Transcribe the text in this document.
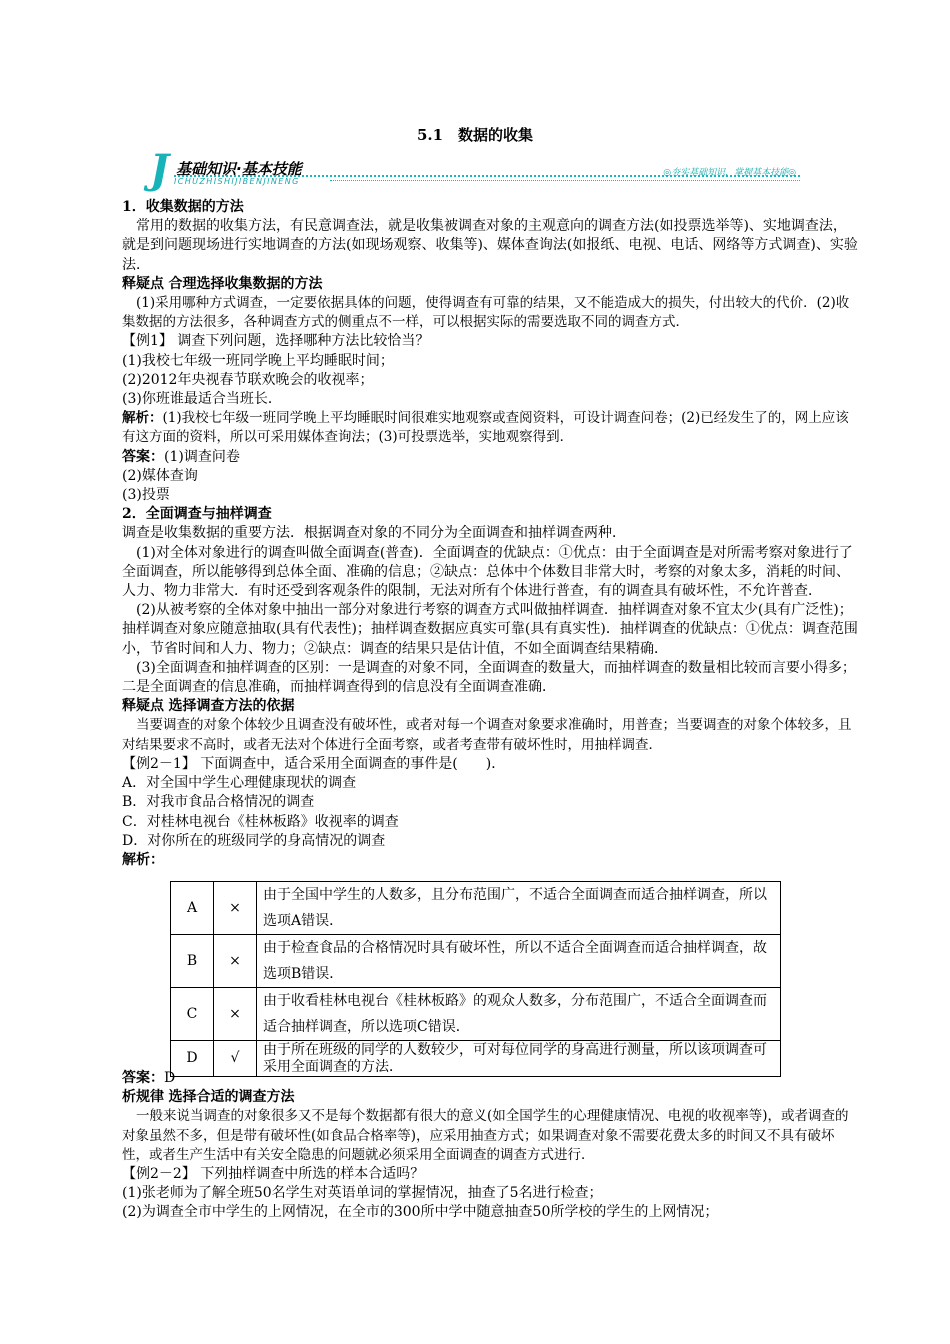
5.1　数据的收集
J 基础知识·基本技能
ICHUZHISHIJIBENJINENG
◎夯实基础知识，掌握基本技能◎

1．收集数据的方法

常用的数据的收集方法，有民意调查法，就是收集被调查对象的主观意向的调查方法(如投票选举等)、实地调查法，就是到问题现场进行实地调查的方法(如现场观察、收集等)、媒体查询法(如报纸、电视、电话、网络等方式调查)、实验法．

释疑点 合理选择收集数据的方法

(1)采用哪种方式调查，一定要依据具体的问题，使得调查有可靠的结果，又不能造成大的损失，付出较大的代价．(2)收集数据的方法很多，各种调查方式的侧重点不一样，可以根据实际的需要选取不同的调查方式．

【例1】 调查下列问题，选择哪种方法比较恰当？

(1)我校七年级一班同学晚上平均睡眠时间；

(2)2012年央视春节联欢晚会的收视率；

(3)你班谁最适合当班长．

解析：(1)我校七年级一班同学晚上平均睡眠时间很难实地观察或查阅资料，可设计调查问卷；(2)已经发生了的，网上应该有这方面的资料，所以可采用媒体查询法；(3)可投票选举，实地观察得到．

答案：(1)调查问卷

(2)媒体查询

(3)投票

2．全面调查与抽样调查

调查是收集数据的重要方法．根据调查对象的不同分为全面调查和抽样调查两种．

(1)对全体对象进行的调查叫做全面调查(普查)．全面调查的优缺点：①优点：由于全面调查是对所需考察对象进行了全面调查，所以能够得到总体全面、准确的信息；②缺点：总体中个体数目非常大时，考察的对象太多，消耗的时间、人力、物力非常大．有时还受到客观条件的限制，无法对所有个体进行普查，有的调查具有破坏性，不允许普查．

(2)从被考察的全体对象中抽出一部分对象进行考察的调查方式叫做抽样调查．抽样调查对象不宜太少(具有广泛性)；抽样调查对象应随意抽取(具有代表性)；抽样调查数据应真实可靠(具有真实性)．抽样调查的优缺点：①优点：调查范围小，节省时间和人力、物力；②缺点：调查的结果只是估计值，不如全面调查结果精确．

(3)全面调查和抽样调查的区别：一是调查的对象不同，全面调查的数量大，而抽样调查的数量相比较而言要小得多；二是全面调查的信息准确，而抽样调查得到的信息没有全面调查准确．

释疑点 选择调查方法的依据

当要调查的对象个体较少且调查没有破坏性，或者对每一个调查对象要求准确时，用普查；当要调查的对象个体较多，且对结果要求不高时，或者无法对个体进行全面考察，或者考查带有破坏性时，用抽样调查．

【例2－1】 下面调查中，适合采用全面调查的事件是(　　)．

A．对全国中学生心理健康现状的调查

B．对我市食品合格情况的调查

C．对桂林电视台《桂林板路》收视率的调查

D．对你所在的班级同学的身高情况的调查

解析：

A	×	由于全国中学生的人数多，且分布范围广，不适合全面调查而适合抽样调查，所以选项A错误．
B	×	由于检查食品的合格情况时具有破坏性，所以不适合全面调查而适合抽样调查，故选项B错误．
C	×	由于收看桂林电视台《桂林板路》的观众人数多，分布范围广，不适合全面调查而适合抽样调查，所以选项C错误．
D	√	由于所在班级的同学的人数较少，可对每位同学的身高进行测量，所以该项调查可采用全面调查的方法．

答案：D

析规律 选择合适的调查方法

一般来说当调查的对象很多又不是每个数据都有很大的意义(如全国学生的心理健康情况、电视的收视率等)，或者调查的对象虽然不多，但是带有破坏性(如食品合格率等)，应采用抽查方式；如果调查对象不需要花费太多的时间又不具有破坏性，或者生产生活中有关安全隐患的问题就必须采用全面调查的调查方式进行．

【例2－2】 下列抽样调查中所选的样本合适吗？

(1)张老师为了解全班50名学生对英语单词的掌握情况，抽查了5名进行检查；

(2)为调查全市中学生的上网情况，在全市的300所中学中随意抽查50所学校的学生的上网情况；
